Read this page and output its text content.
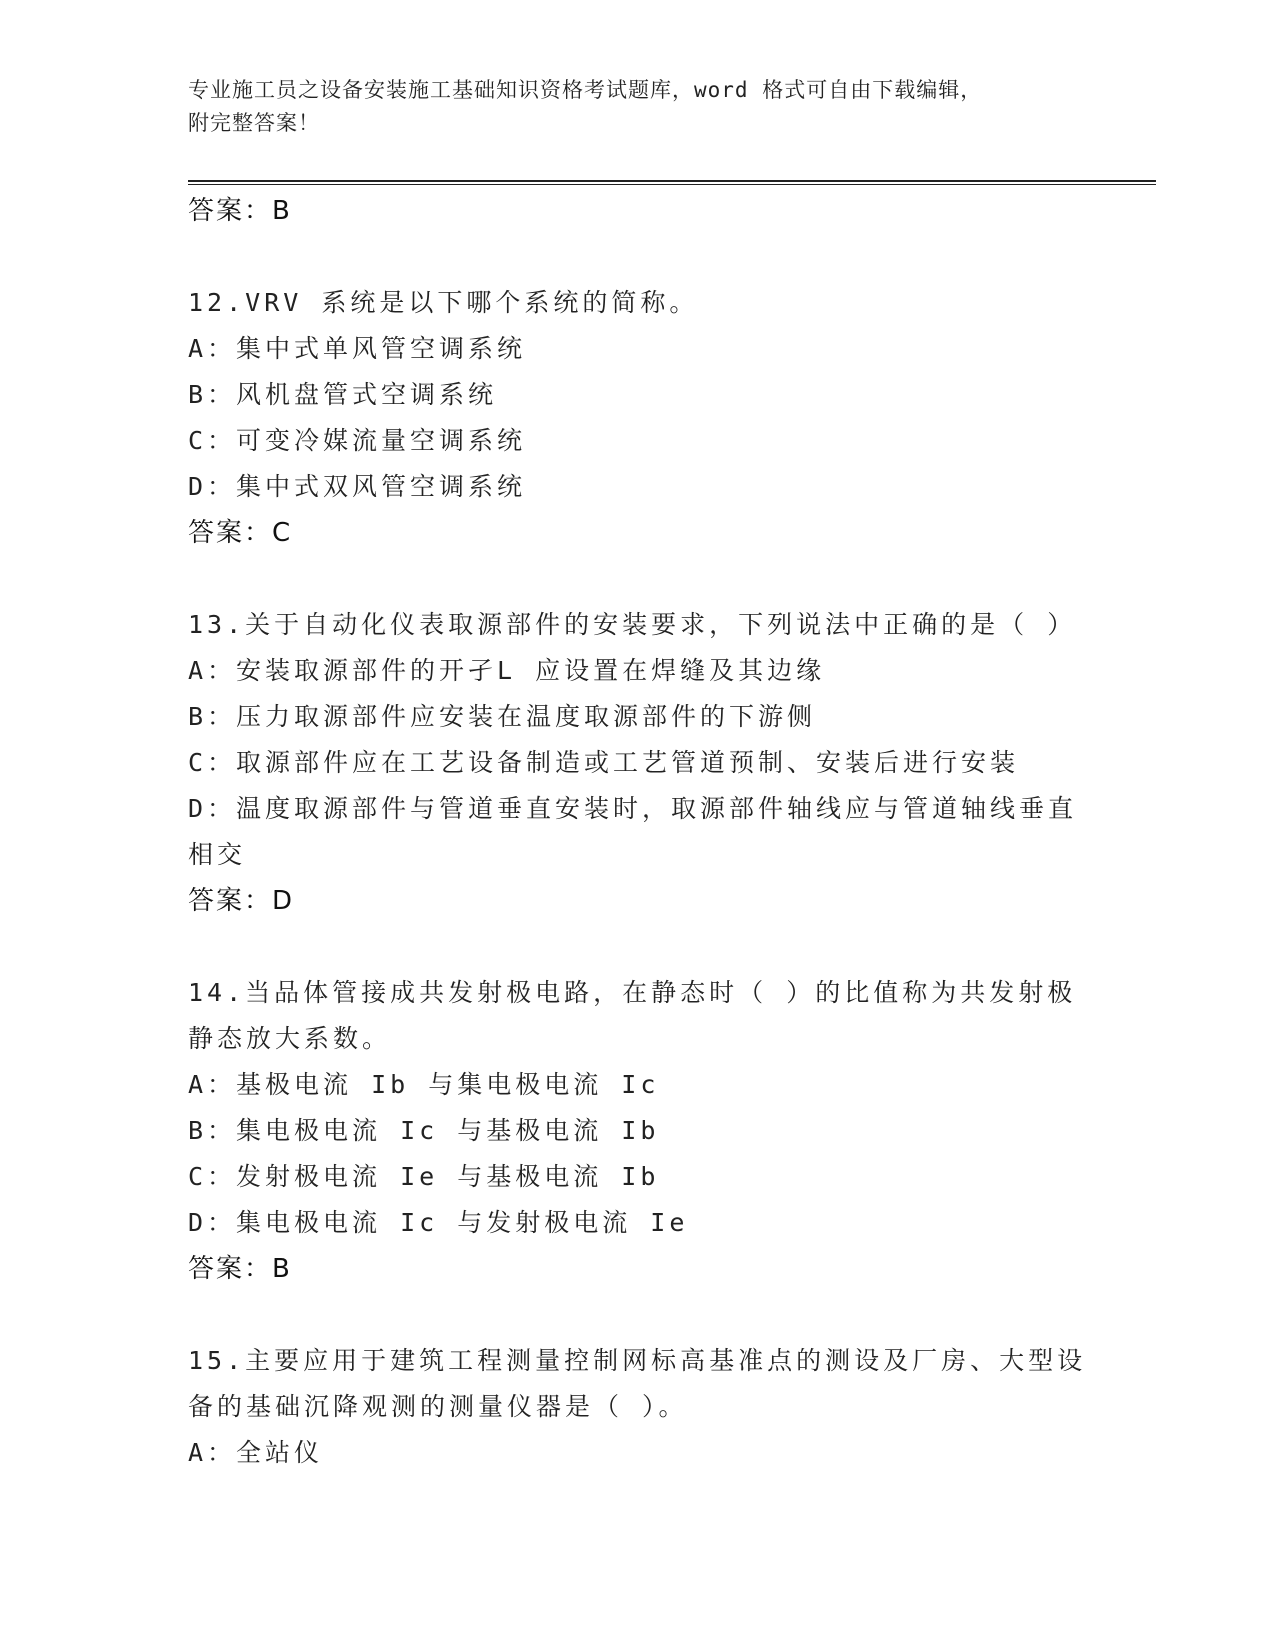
专业施工员之设备安装施工基础知识资格考试题库，word 格式可自由下载编辑，
附完整答案！

答案：B

12.VRV 系统是以下哪个系统的简称。

A：集中式单风管空调系统

B：风机盘管式空调系统

C：可变冷媒流量空调系统

D：集中式双风管空调系统

答案：C

13.关于自动化仪表取源部件的安装要求，下列说法中正确的是（ ）

A：安装取源部件的开孑L 应设置在焊缝及其边缘

B：压力取源部件应安装在温度取源部件的下游侧

C：取源部件应在工艺设备制造或工艺管道预制、安装后进行安装

D：温度取源部件与管道垂直安装时，取源部件轴线应与管道轴线垂直

相交

答案：D

14.当品体管接成共发射极电路，在静态时（ ）的比值称为共发射极

静态放大系数。

A：基极电流 Ib 与集电极电流 Ic

B：集电极电流 Ic 与基极电流 Ib

C：发射极电流 Ie 与基极电流 Ib

D：集电极电流 Ic 与发射极电流 Ie

答案：B

15.主要应用于建筑工程测量控制网标高基准点的测设及厂房、大型设

备的基础沉降观测的测量仪器是（ ）。

A：全站仪
